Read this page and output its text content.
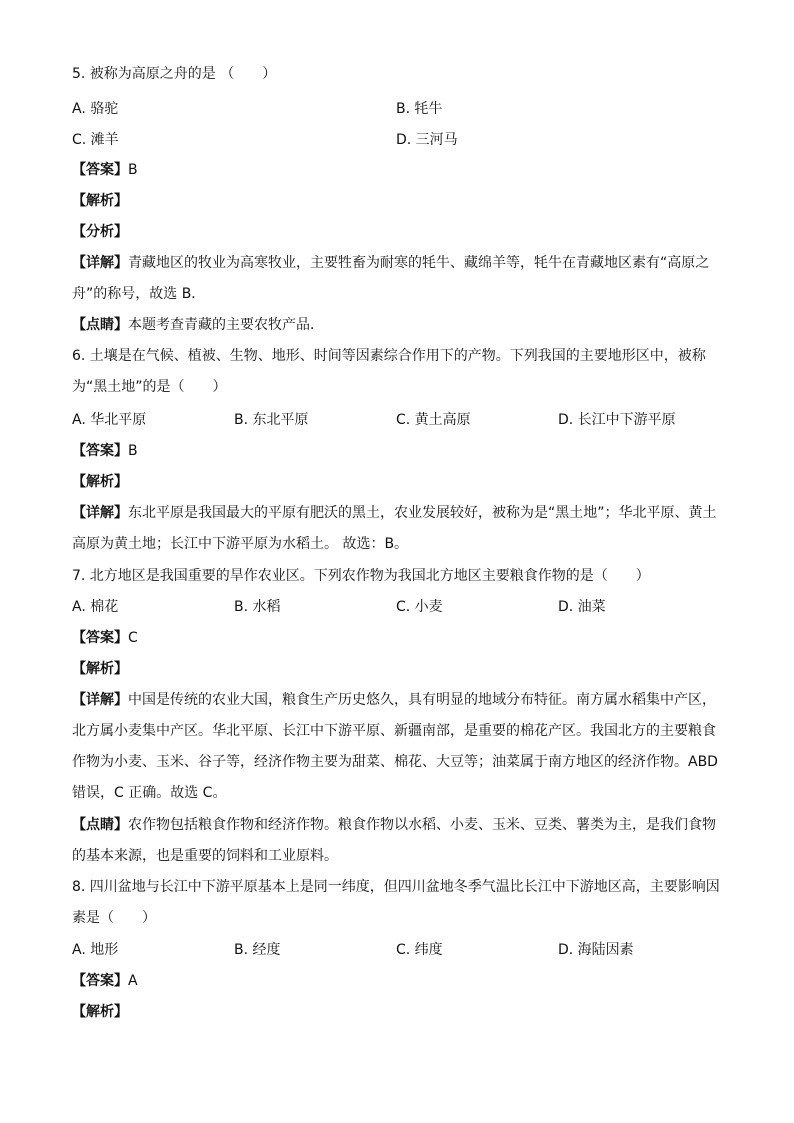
5. 被称为高原之舟的是 （　　）
A. 骆驼	B. 牦牛
C. 滩羊	D. 三河马
【答案】B
【解析】
【分析】
【详解】青藏地区的牧业为高寒牧业，主要牲畜为耐寒的牦牛、藏绵羊等，牦牛在青藏地区素有“高原之舟”的称号，故选 B．
【点睛】本题考查青藏的主要农牧产品．
6. 土壤是在气候、植被、生物、地形、时间等因素综合作用下的产物。下列我国的主要地形区中，被称为“黑土地”的是（　　）
A. 华北平原	B. 东北平原	C. 黄土高原	D. 长江中下游平原
【答案】B
【解析】
【详解】东北平原是我国最大的平原有肥沃的黑土，农业发展较好，被称为是“黑土地”；华北平原、黄土高原为黄土地；长江中下游平原为水稻土。 故选：B。
7. 北方地区是我国重要的旱作农业区。下列农作物为我国北方地区主要粮食作物的是（　　）
A. 棉花	B. 水稻	C. 小麦	D. 油菜
【答案】C
【解析】
【详解】中国是传统的农业大国，粮食生产历史悠久，具有明显的地域分布特征。南方属水稻集中产区，北方属小麦集中产区。华北平原、长江中下游平原、新疆南部，是重要的棉花产区。我国北方的主要粮食作物为小麦、玉米、谷子等，经济作物主要为甜菜、棉花、大豆等；油菜属于南方地区的经济作物。ABD 错误，C 正确。故选 C。
【点睛】农作物包括粮食作物和经济作物。粮食作物以水稻、小麦、玉米、豆类、薯类为主，是我们食物的基本来源，也是重要的饲料和工业原料。
8. 四川盆地与长江中下游平原基本上是同一纬度，但四川盆地冬季气温比长江中下游地区高，主要影响因素是（　　）
A. 地形	B. 经度	C. 纬度	D. 海陆因素
【答案】A
【解析】
